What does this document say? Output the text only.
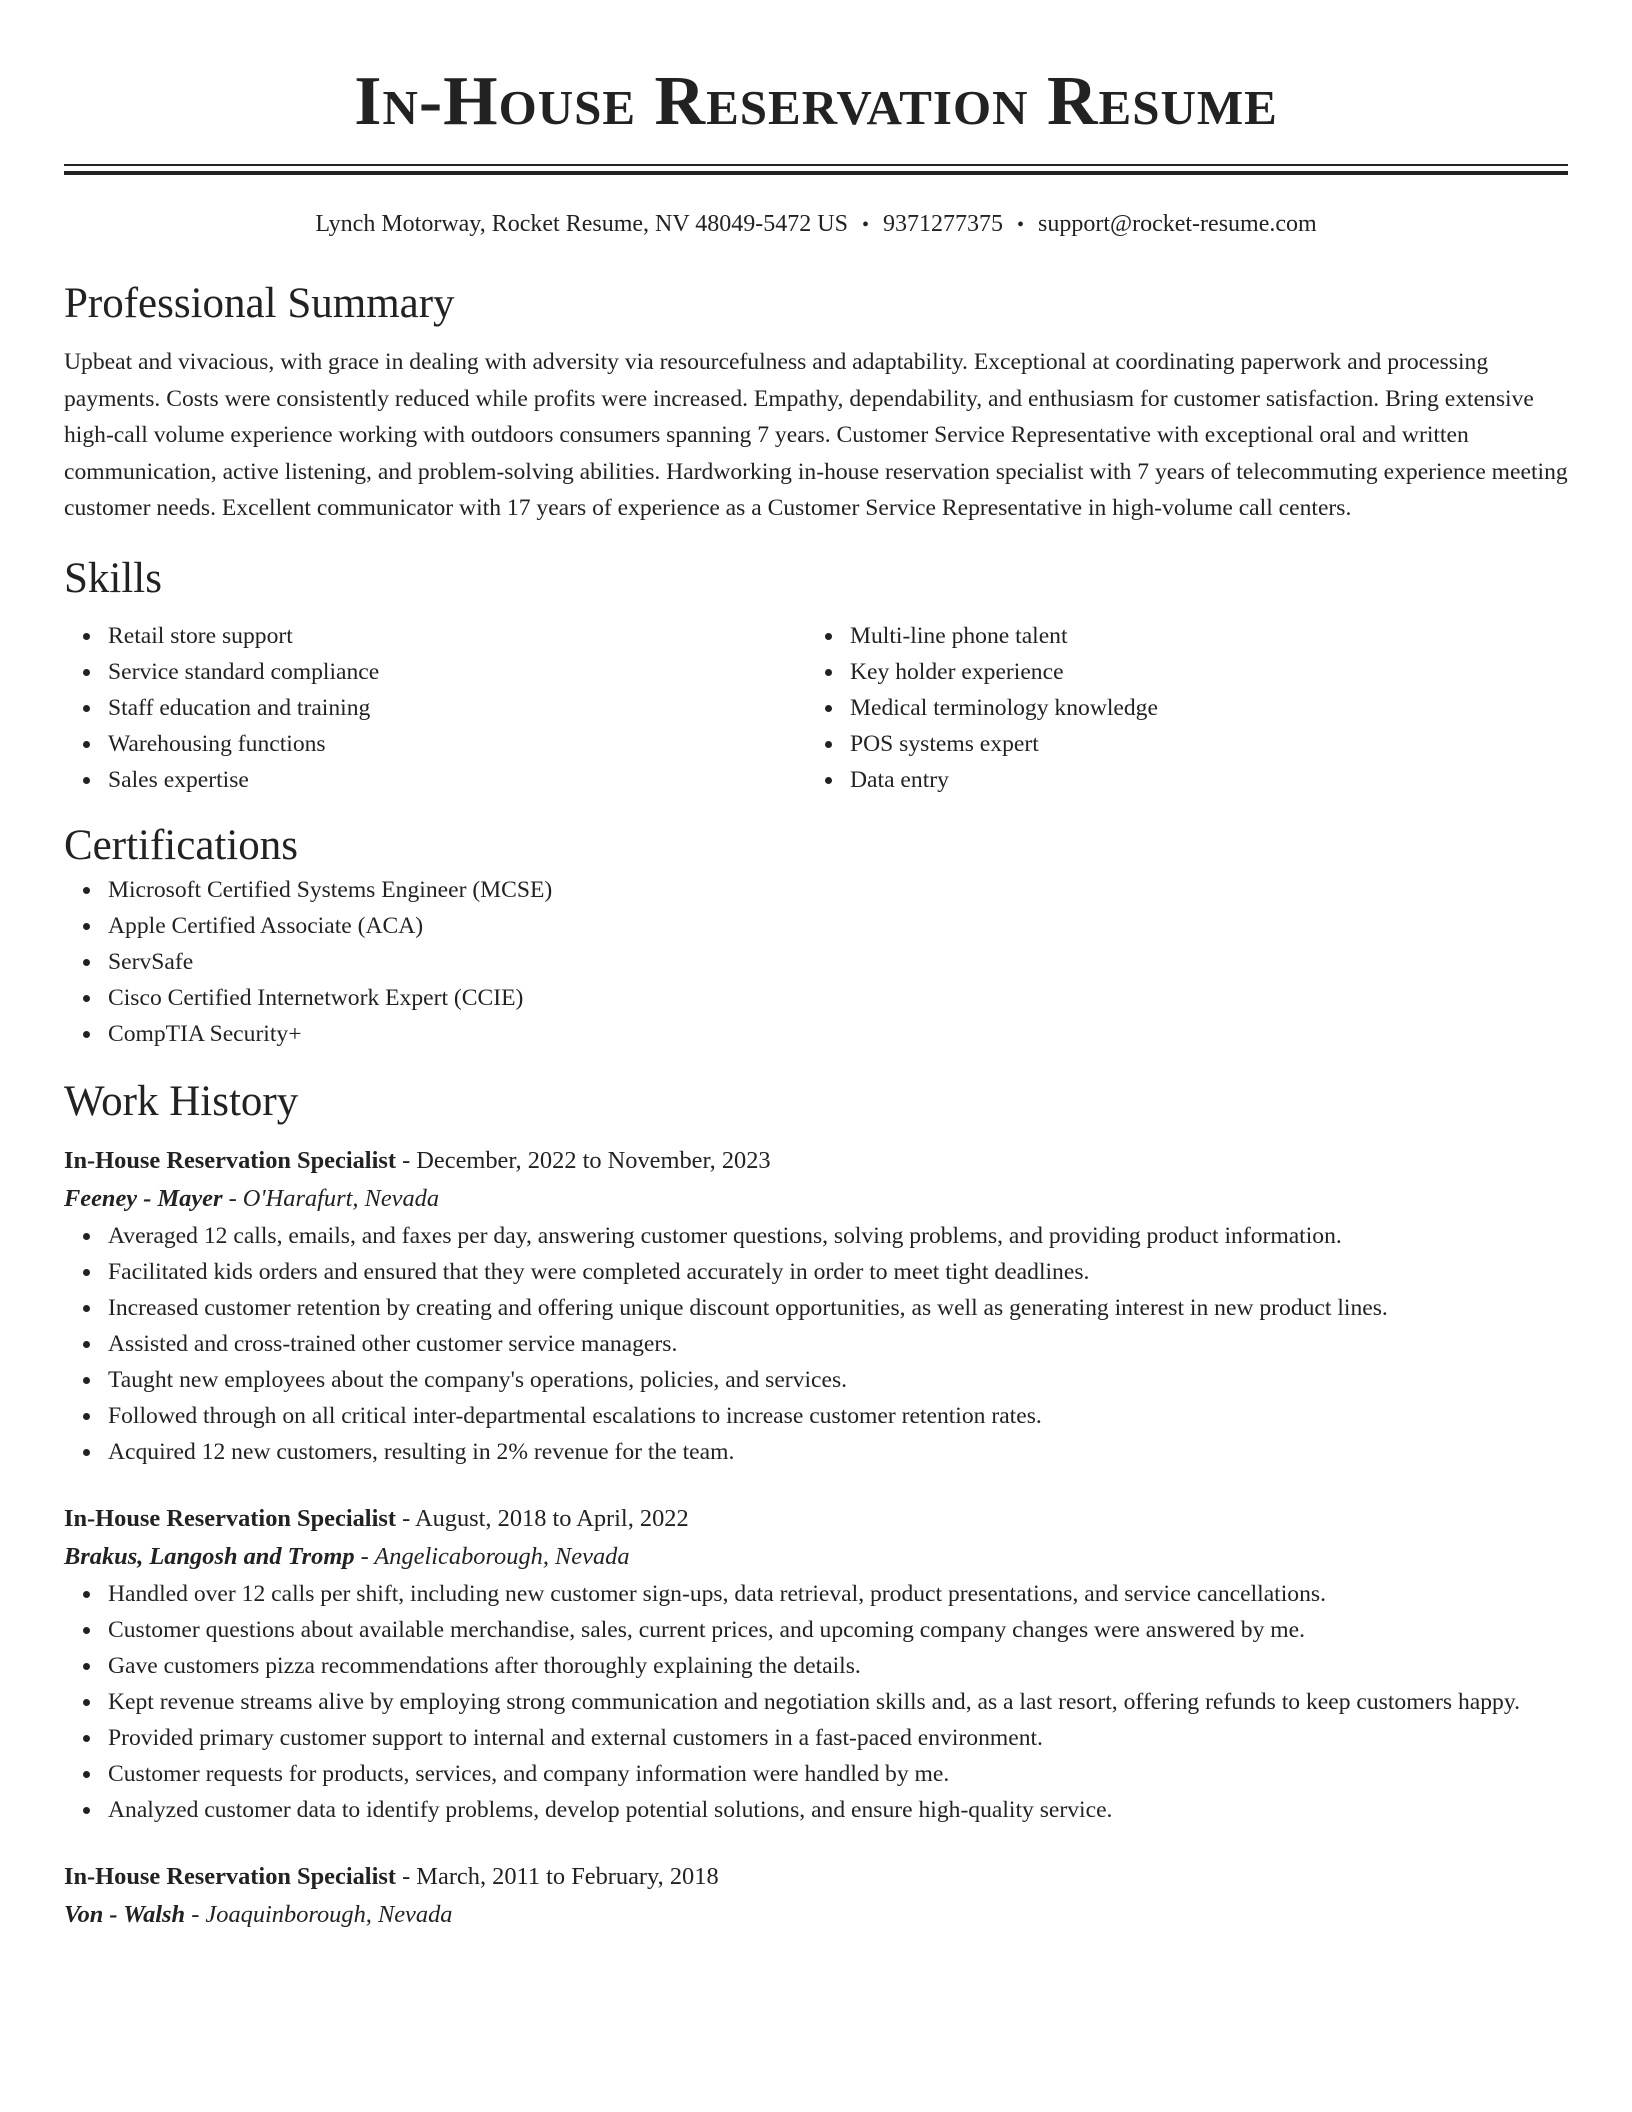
In-House Reservation Resume
Lynch Motorway, Rocket Resume, NV 48049-5472 US • 9371277375 • support@rocket-resume.com
Professional Summary

Upbeat and vivacious, with grace in dealing with adversity via resourcefulness and adaptability. Exceptional at coordinating paperwork and processing payments. Costs were consistently reduced while profits were increased. Empathy, dependability, and enthusiasm for customer satisfaction. Bring extensive high-call volume experience working with outdoors consumers spanning 7 years. Customer Service Representative with exceptional oral and written communication, active listening, and problem-solving abilities. Hardworking in-house reservation specialist with 7 years of telecommuting experience meeting customer needs. Excellent communicator with 17 years of experience as a Customer Service Representative in high-volume call centers.

Skills
Retail store support
Service standard compliance
Staff education and training
Warehousing functions
Sales expertise
Multi-line phone talent
Key holder experience
Medical terminology knowledge
POS systems expert
Data entry
Certifications
Microsoft Certified Systems Engineer (MCSE)
Apple Certified Associate (ACA)
ServSafe
Cisco Certified Internetwork Expert (CCIE)
CompTIA Security+
Work History
In-House Reservation Specialist - December, 2022 to November, 2023
Feeney - Mayer - O'Harafurt, Nevada
Averaged 12 calls, emails, and faxes per day, answering customer questions, solving problems, and providing product information.
Facilitated kids orders and ensured that they were completed accurately in order to meet tight deadlines.
Increased customer retention by creating and offering unique discount opportunities, as well as generating interest in new product lines.
Assisted and cross-trained other customer service managers.
Taught new employees about the company's operations, policies, and services.
Followed through on all critical inter-departmental escalations to increase customer retention rates.
Acquired 12 new customers, resulting in 2% revenue for the team.
In-House Reservation Specialist - August, 2018 to April, 2022
Brakus, Langosh and Tromp - Angelicaborough, Nevada
Handled over 12 calls per shift, including new customer sign-ups, data retrieval, product presentations, and service cancellations.
Customer questions about available merchandise, sales, current prices, and upcoming company changes were answered by me.
Gave customers pizza recommendations after thoroughly explaining the details.
Kept revenue streams alive by employing strong communication and negotiation skills and, as a last resort, offering refunds to keep customers happy.
Provided primary customer support to internal and external customers in a fast-paced environment.
Customer requests for products, services, and company information were handled by me.
Analyzed customer data to identify problems, develop potential solutions, and ensure high-quality service.
In-House Reservation Specialist - March, 2011 to February, 2018
Von - Walsh - Joaquinborough, Nevada
